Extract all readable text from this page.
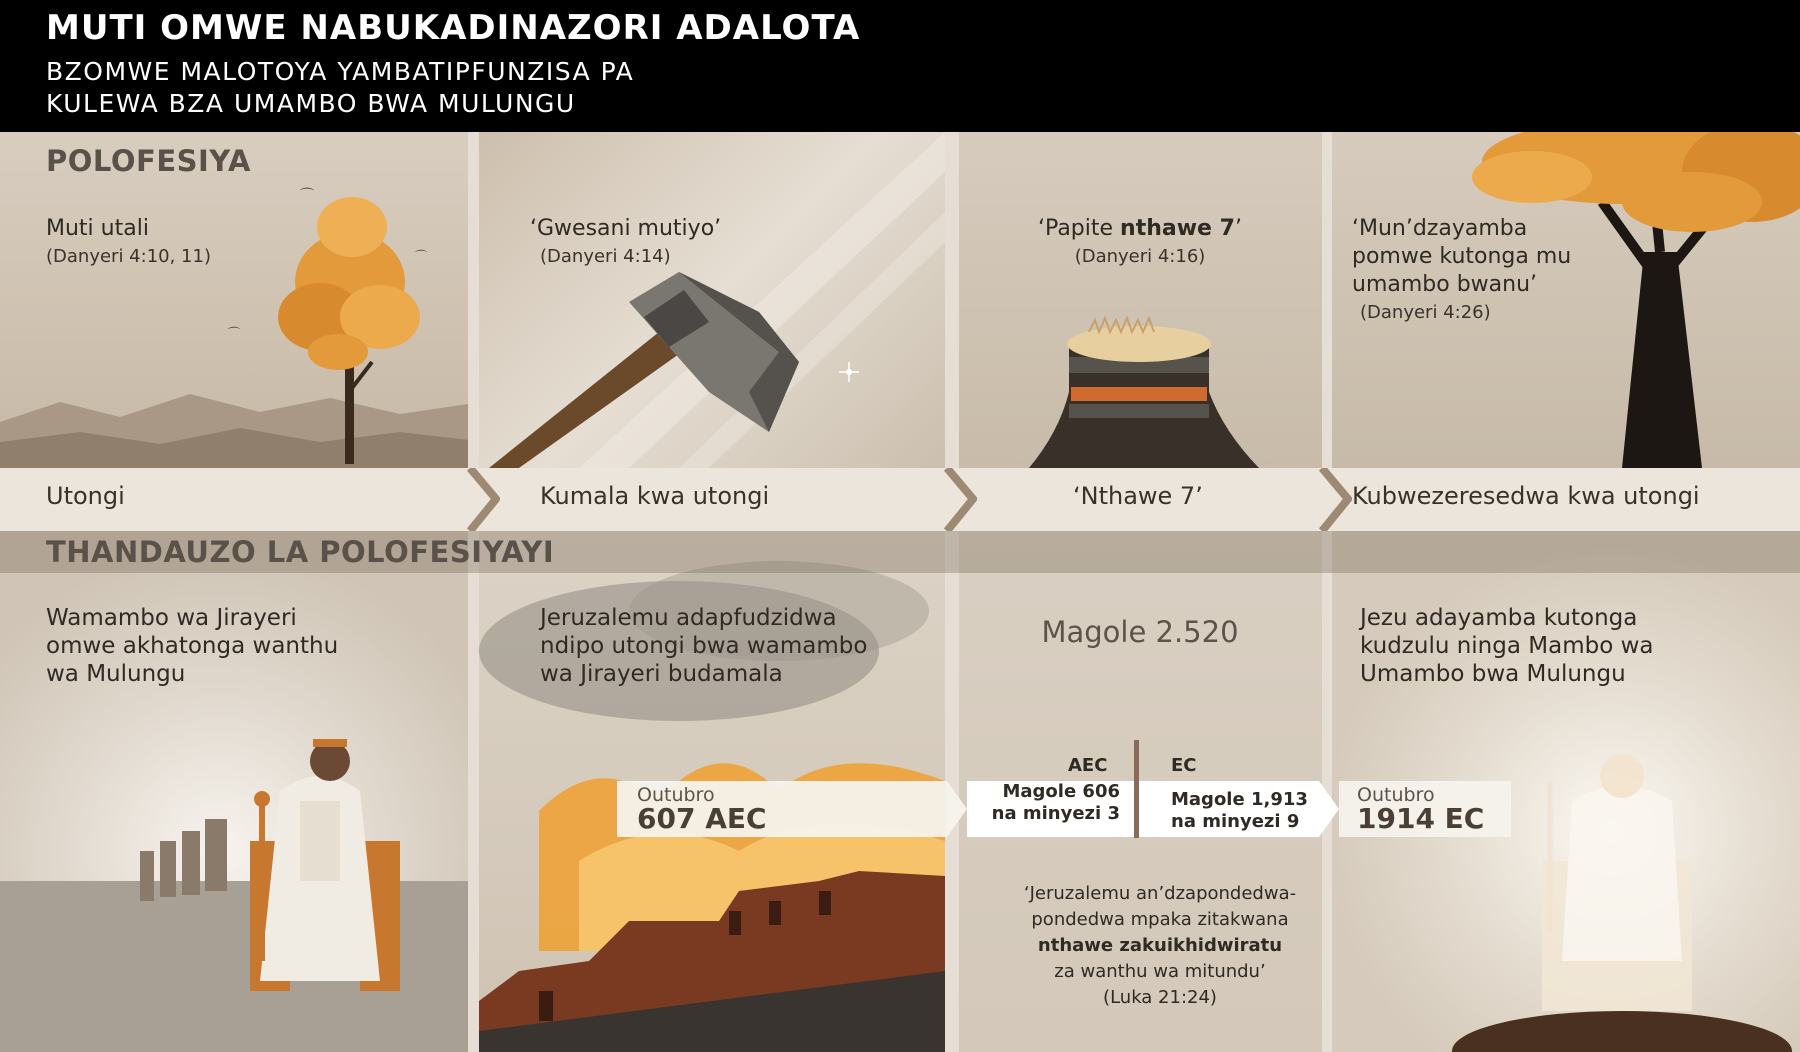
MUTI OMWE NABUKADINAZORI ADALOTA
BZOMWE MALOTOYA YAMBATIPFUNZISA PA
KULEWA BZA UMAMBO BWA MULUNGU
⌒
⌒
⌒
POLOFESIYA
Muti utali
(Danyeri 4:10, 11)
‘Gwesani mutiyo’
(Danyeri 4:14)
‘Papite nthawe 7’
(Danyeri 4:16)
‘Mun’dzayamba
pomwe kutonga mu
umambo bwanu’
(Danyeri 4:26)
Utongi	Kumala kwa utongi	‘Nthawe 7’	Kubwezeresedwa kwa utongi
THANDAUZO LA POLOFESIYAYI
Wamambo wa Jirayeri
omwe akhatonga wanthu
wa Mulungu
Jeruzalemu adapfudzidwa
ndipo utongi bwa wamambo
wa Jirayeri budamala
Magole 2.520	Jezu adayamba kutonga
kudzulu ninga Mambo wa
Umambo bwa Mulungu
Outubro
607 AEC
AEC	EC
Magole 606
na minyezi 3
Magole 1,913
na minyezi 9
Outubro
1914 EC
‘Jeruzalemu an’dzapondedwa-
pondedwa mpaka zitakwana
nthawe zakuikhidwiratu
za wanthu wa mitundu’
(Luka 21:24)
